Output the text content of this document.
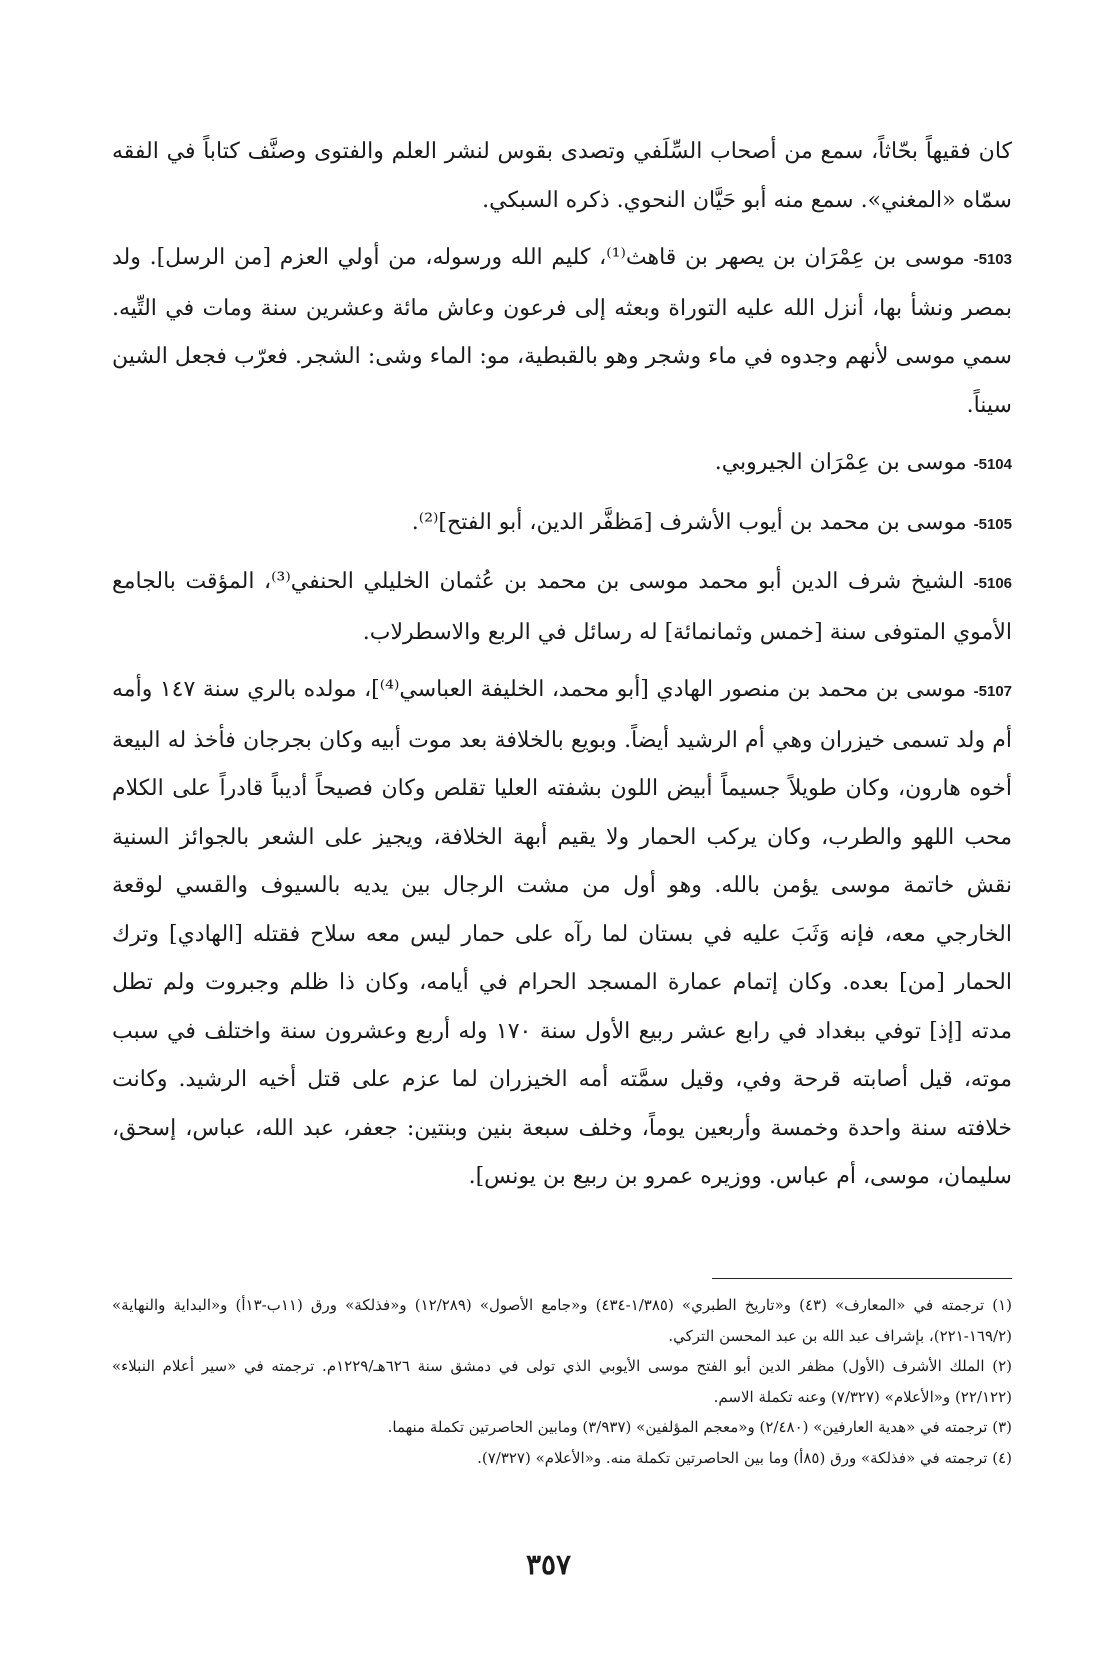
كان فقيهاً بحّاثاً، سمع من أصحاب السِّلَفي وتصدى بقوس لنشر العلم والفتوى وصنَّف كتاباً في الفقه سمّاه «المغني». سمع منه أبو حَيَّان النحوي. ذكره السبكي.

5103- موسى بن عِمْرَان بن يصهر بن قاهث⁽¹⁾، كليم الله ورسوله، من أولي العزم [من الرسل]. ولد بمصر ونشأ بها، أنزل الله عليه التوراة وبعثه إلى فرعون وعاش مائة وعشرين سنة ومات في التِّيه. سمي موسى لأنهم وجدوه في ماء وشجر وهو بالقبطية، مو: الماء وشى: الشجر. فعرّب فجعل الشين سيناً.

5104- موسى بن عِمْرَان الجيروبي.

5105- موسى بن محمد بن أيوب الأشرف [مَظفَّر الدين، أبو الفتح]⁽²⁾.

5106- الشيخ شرف الدين أبو محمد موسى بن محمد بن عُثمان الخليلي الحنفي⁽³⁾، المؤقت بالجامع الأموي المتوفى سنة [خمس وثمانمائة] له رسائل في الربع والاسطرلاب.

5107- موسى بن محمد بن منصور الهادي [أبو محمد، الخليفة العباسي⁽⁴⁾]، مولده بالري سنة ١٤٧ وأمه أم ولد تسمى خيزران وهي أم الرشيد أيضاً. وبويع بالخلافة بعد موت أبيه وكان بجرجان فأخذ له البيعة أخوه هارون، وكان طويلاً جسيماً أبيض اللون بشفته العليا تقلص وكان فصيحاً أديباً قادراً على الكلام محب اللهو والطرب، وكان يركب الحمار ولا يقيم أبهة الخلافة، ويجيز على الشعر بالجوائز السنية نقش خاتمة موسى يؤمن بالله. وهو أول من مشت الرجال بين يديه بالسيوف والقسي لوقعة الخارجي معه، فإنه وَثَبَ عليه في بستان لما رآه على حمار ليس معه سلاح فقتله [الهادي] وترك الحمار [من] بعده. وكان إتمام عمارة المسجد الحرام في أيامه، وكان ذا ظلم وجبروت ولم تطل مدته [إذ] توفي ببغداد في رابع عشر ربيع الأول سنة ١٧٠ وله أربع وعشرون سنة واختلف في سبب موته، قيل أصابته قرحة وفي، وقيل سمَّته أمه الخيزران لما عزم على قتل أخيه الرشيد. وكانت خلافته سنة واحدة وخمسة وأربعين يوماً، وخلف سبعة بنين وبنتين: جعفر، عبد الله، عباس، إسحق، سليمان، موسى، أم عباس. ووزيره عمرو بن ربيع بن يونس].

(١) ترجمته في «المعارف» (٤٣) و«تاريخ الطبري» (١/٣٨٥-٤٣٤) و«جامع الأصول» (١٢/٢٨٩) و«فذلكة» ورق (١١ب-١٣أ) و«البداية والنهاية» (١٦٩/٢-٢٢١)، بإشراف عبد الله بن عبد المحسن التركي.

(٢) الملك الأشرف (الأول) مظفر الدين أبو الفتح موسى الأيوبي الذي تولى في دمشق سنة ٦٢٦هـ/١٢٢٩م. ترجمته في «سير أعلام النبلاء» (٢٢/١٢٢) و«الأعلام» (٧/٣٢٧) وعنه تكملة الاسم.

(٣) ترجمته في «هدية العارفين» (٢/٤٨٠) و«معجم المؤلفين» (٣/٩٣٧) ومابين الحاصرتين تكملة منهما.

(٤) ترجمته في «فذلكة» ورق (٨٥أ) وما بين الحاصرتين تكملة منه. و«الأعلام» (٧/٣٢٧).

٣٥٧
